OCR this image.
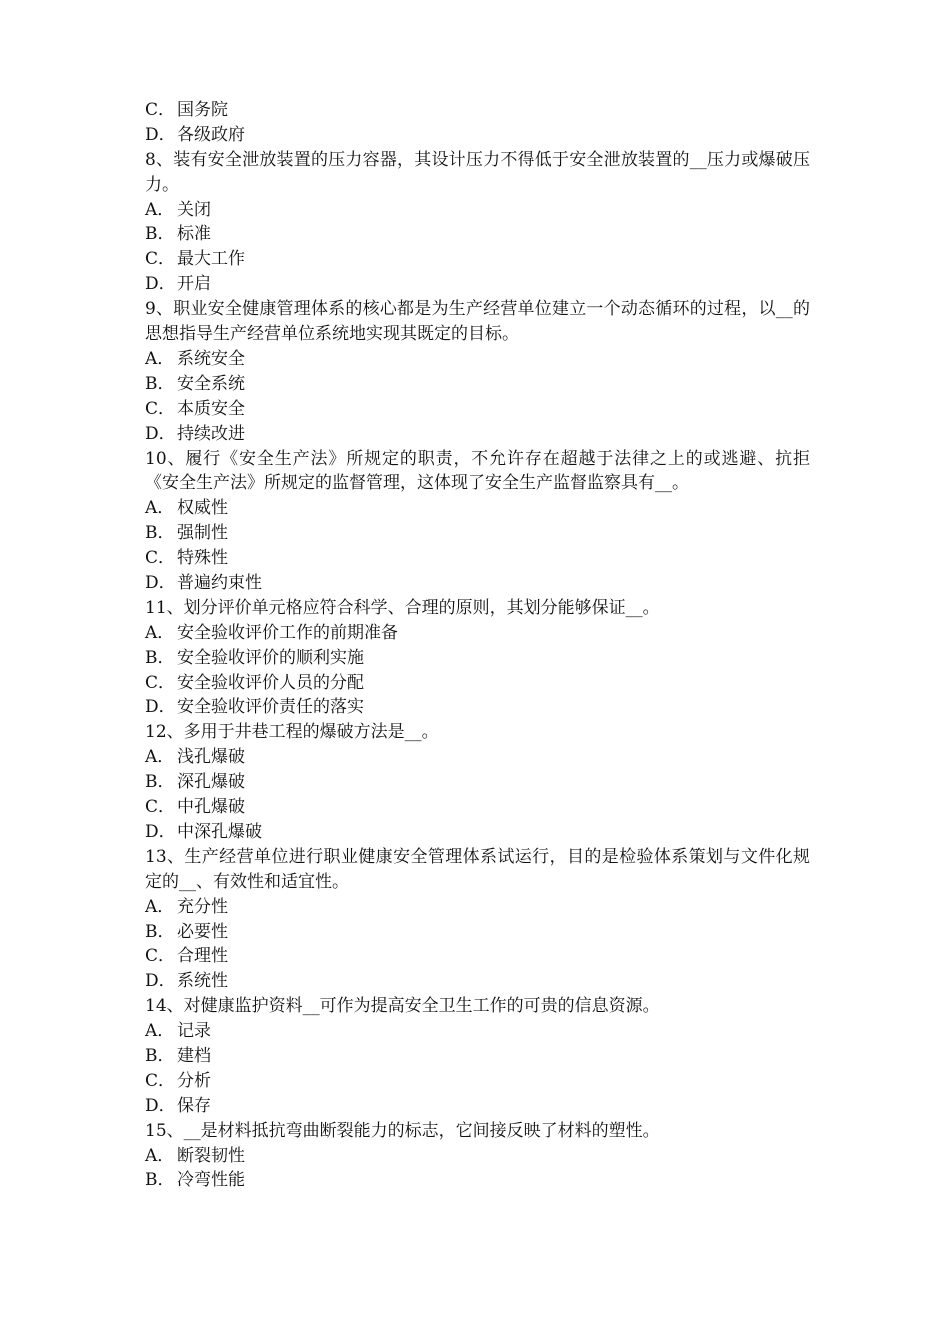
C． 国务院
D．各级政府
8、装有安全泄放装置的压力容器，其设计压力不得低于安全泄放装置的__压力或爆破压力。
A． 关闭
B． 标准
C． 最大工作
D．开启
9、职业安全健康管理体系的核心都是为生产经营单位建立一个动态循环的过程，以__的思想指导生产经营单位系统地实现其既定的目标。
A． 系统安全
B． 安全系统
C． 本质安全
D．持续改进
10、履行《安全生产法》所规定的职责，不允许存在超越于法律之上的或逃避、抗拒《安全生产法》所规定的监督管理，这体现了安全生产监督监察具有__。
A． 权威性
B． 强制性
C． 特殊性
D．普遍约束性
11、划分评价单元格应符合科学、合理的原则，其划分能够保证__。
A． 安全验收评价工作的前期准备
B． 安全验收评价的顺利实施
C． 安全验收评价人员的分配
D．安全验收评价责任的落实
12、多用于井巷工程的爆破方法是__。
A． 浅孔爆破
B． 深孔爆破
C． 中孔爆破
D．中深孔爆破
13、生产经营单位进行职业健康安全管理体系试运行，目的是检验体系策划与文件化规定的__、有效性和适宜性。
A． 充分性
B． 必要性
C． 合理性
D．系统性
14、对健康监护资料__可作为提高安全卫生工作的可贵的信息资源。
A． 记录
B． 建档
C． 分析
D．保存
15、__是材料抵抗弯曲断裂能力的标志，它间接反映了材料的塑性。
A． 断裂韧性
B． 冷弯性能
